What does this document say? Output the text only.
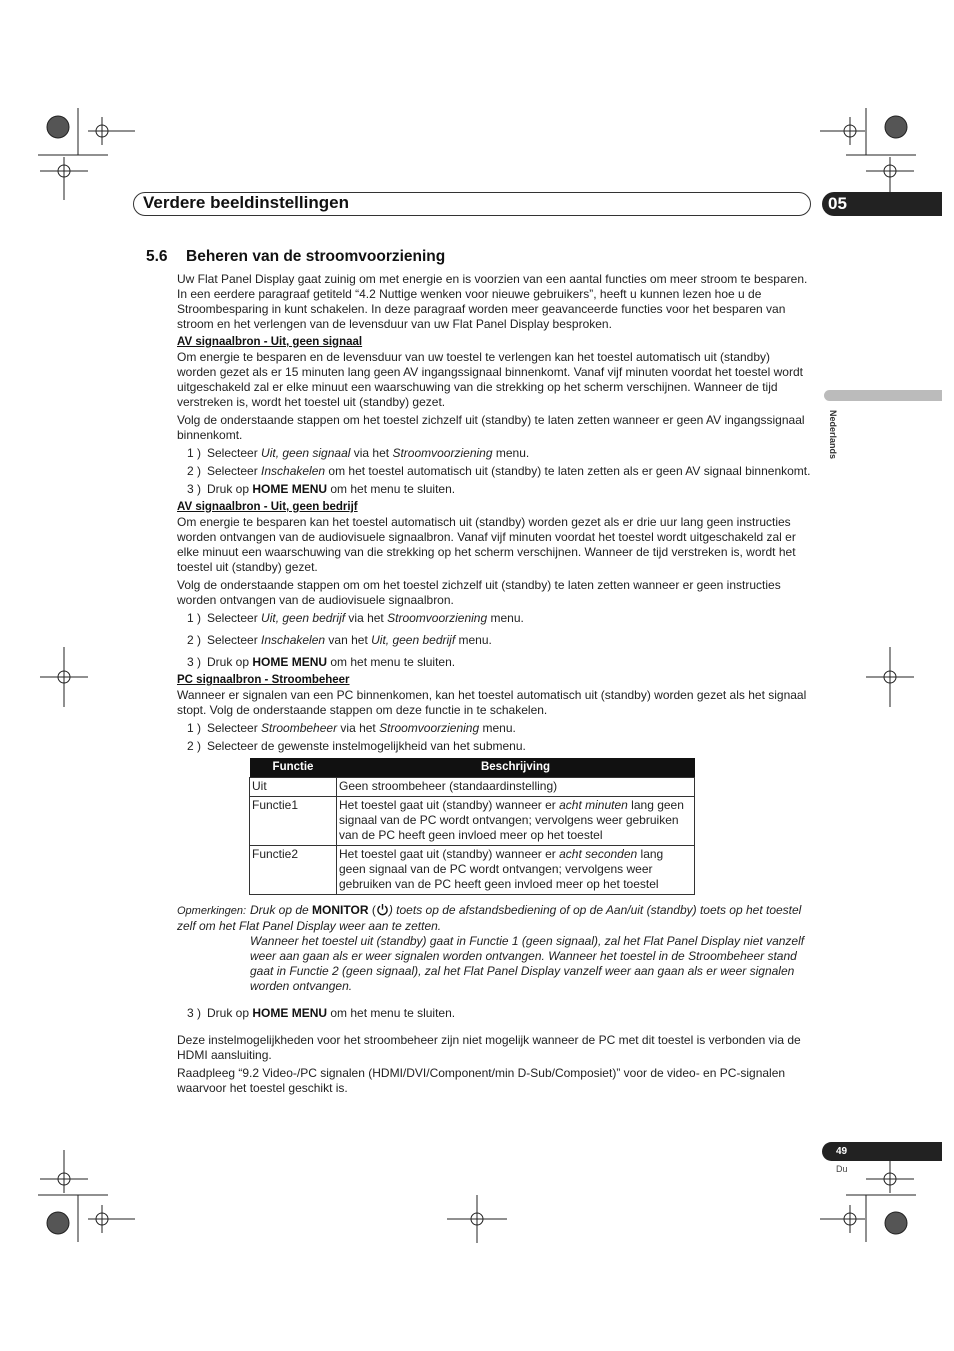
Verdere beeldinstellingen	05
Nederlands
49
Du
5.6 Beheren van de stroomvoorziening

Uw Flat Panel Display gaat zuinig om met energie en is voorzien van een aantal functies om meer stroom te besparen. In een eerdere paragraaf getiteld “4.2 Nuttige wenken voor nieuwe gebruikers”, heeft u kunnen lezen hoe u de Stroombesparing in kunt schakelen. In deze paragraaf worden meer geavanceerde functies voor het besparen van stroom en het verlengen van de levensduur van uw Flat Panel Display besproken.

AV signaalbron - Uit, geen signaal

Om energie te besparen en de levensduur van uw toestel te verlengen kan het toestel automatisch uit (standby) worden gezet als er 15 minuten lang geen AV ingangssignaal binnenkomt. Vanaf vijf minuten voordat het toestel wordt uitgeschakeld zal er elke minuut een waarschuwing van die strekking op het scherm verschijnen. Wanneer de tijd verstreken is, wordt het toestel uit (standby) gezet.

Volg de onderstaande stappen om het toestel zichzelf uit (standby) te laten zetten wanneer er geen AV ingangssignaal binnenkomt.

1 ) Selecteer Uit, geen signaal via het Stroomvoorziening menu.
2 ) Selecteer Inschakelen om het toestel automatisch uit (standby) te laten zetten als er geen AV signaal binnenkomt.
3 ) Druk op HOME MENU om het menu te sluiten.
AV signaalbron - Uit, geen bedrijf

Om energie te besparen kan het toestel automatisch uit (standby) worden gezet als er drie uur lang geen instructies worden ontvangen van de audiovisuele signaalbron. Vanaf vijf minuten voordat het toestel wordt uitgeschakeld zal er elke minuut een waarschuwing van die strekking op het scherm verschijnen. Wanneer de tijd verstreken is, wordt het toestel uit (standby) gezet.

Volg de onderstaande stappen om om het toestel zichzelf uit (standby) te laten zetten wanneer er geen instructies worden ontvangen van de audiovisuele signaalbron.

1 ) Selecteer Uit, geen bedrijf via het Stroomvoorziening menu.
2 ) Selecteer Inschakelen van het Uit, geen bedrijf menu.
3 ) Druk op HOME MENU om het menu te sluiten.
PC signaalbron - Stroombeheer

Wanneer er signalen van een PC binnenkomen, kan het toestel automatisch uit (standby) worden gezet als het signaal stopt. Volg de onderstaande stappen om deze functie in te schakelen.

1 ) Selecteer Stroombeheer via het Stroomvoorziening menu.
2 ) Selecteer de gewenste instelmogelijkheid van het submenu.
Functie	Beschrijving
Uit	Geen stroombeheer (standaardinstelling)
Functie1	Het toestel gaat uit (standby) wanneer er acht minuten lang geen signaal van de PC wordt ontvangen; vervolgens weer gebruiken van de PC heeft geen invloed meer op het toestel
Functie2	Het toestel gaat uit (standby) wanneer er acht seconden lang geen signaal van de PC wordt ontvangen; vervolgens weer gebruiken van de PC heeft geen invloed meer op het toestel
Opmerkingen: Druk op de MONITOR ( ) toets op de afstandsbediening of op de Aan/uit (standby) toets op het toestel zelf om het Flat Panel Display weer aan te zetten.
Wanneer het toestel uit (standby) gaat in Functie 1 (geen signaal), zal het Flat Panel Display niet vanzelf weer aan gaan als er weer signalen worden ontvangen. Wanneer het toestel in de Stroombeheer stand gaat in Functie 2 (geen signaal), zal het Flat Panel Display vanzelf weer aan gaan als er weer signalen worden ontvangen.
3 ) Druk op HOME MENU om het menu te sluiten.

Deze instelmogelijkheden voor het stroombeheer zijn niet mogelijk wanneer de PC met dit toestel is verbonden via de HDMI aansluiting.

Raadpleeg “9.2 Video-/PC signalen (HDMI/DVI/Component/min D-Sub/Composiet)” voor de video- en PC-signalen waarvoor het toestel geschikt is.
